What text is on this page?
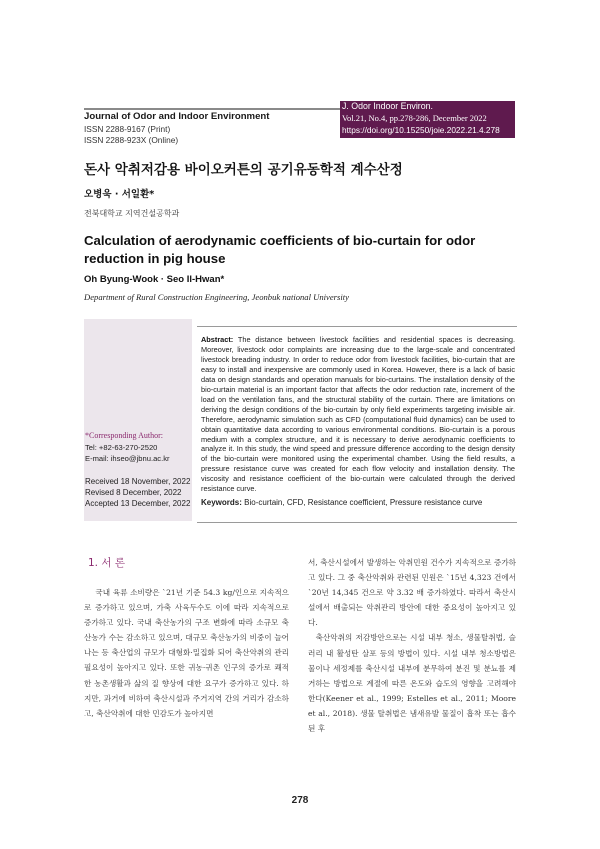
Journal of Odor and Indoor Environment
ISSN 2288-9167 (Print)
ISSN 2288-923X (Online)
J. Odor Indoor Environ.
Vol.21, No.4, pp.278-286, December 2022
https://doi.org/10.15250/joie.2022.21.4.278
돈사 악취저감용 바이오커튼의 공기유동학적 계수산정
오병욱 · 서일환*
전북대학교 지역건설공학과
Calculation of aerodynamic coefficients of bio-curtain for odor reduction in pig house
Oh Byung-Wook · Seo Il-Hwan*
Department of Rural Construction Engineering, Jeonbuk national University
*Corresponding Author:
Tel: +82-63-270-2520
E-mail: ihseo@jbnu.ac.kr
Received 18 November, 2022
Revised 8 December, 2022
Accepted 13 December, 2022
Abstract: The distance between livestock facilities and residential spaces is decreasing. Moreover, livestock odor complaints are increasing due to the large-scale and concentrated livestock breading industry. In order to reduce odor from livestock facilities, bio-curtain that are easy to install and inexpensive are commonly used in Korea. However, there is a lack of basic data on design standards and operation manuals for bio-curtains. The installation density of the bio-curtain material is an important factor that affects the odor reduction rate, increment of the load on the ventilation fans, and the structural stability of the curtain. There are limitations on deriving the design conditions of the bio-curtain by only field experiments targeting invisible air. Therefore, aerodynamic simulation such as CFD (computational fluid dynamics) can be used to obtain quantitative data according to various environmental conditions. Bio-curtain is a porous medium with a complex structure, and it is necessary to derive aerodynamic coefficients to analyze it. In this study, the wind speed and pressure difference according to the design density of the bio-curtain were monitored using the experimental chamber. Using the field results, a pressure resistance curve was created for each flow velocity and installation density. The viscosity and resistance coefficient of the bio-curtain were calculated through the derived resistance curve.
Keywords: Bio-curtain, CFD, Resistance coefficient, Pressure resistance curve
1. 서 론

국내 육류 소비량은 `21년 기준 54.3 kg/인으로 지속적으로 증가하고 있으며, 가축 사육두수도 이에 따라 지속적으로 증가하고 있다. 국내 축산농가의 구조 변화에 따라 소규모 축산농가 수는 감소하고 있으며, 대규모 축산농가의 비중이 늘어나는 등 축산업의 규모가 대형화·밀집화 되어 축산악취의 관리 필요성이 높아지고 있다. 또한 귀농·귀촌 인구의 증가로 쾌적한 농촌생활과 삶의 질 향상에 대한 요구가 증가하고 있다. 하지만, 과거에 비하여 축산시설과 주거지역 간의 거리가 감소하고, 축산악취에 대한 민감도가 높아지면

서, 축산시설에서 발생하는 악취민원 건수가 지속적으로 증가하고 있다. 그 중 축산악취와 관련된 민원은 `15년 4,323 건에서 `20년 14,345 건으로 약 3.32 배 증가하였다. 따라서 축산시설에서 배출되는 악취관리 방안에 대한 중요성이 높아지고 있다.

축산악취의 저감방안으로는 시설 내부 청소, 생물탈취법, 슬러리 내 활성탄 살포 등의 방법이 있다. 시설 내부 청소방법은 물이나 세정제를 축산시설 내부에 분무하여 분진 및 분뇨를 제거하는 방법으로 계절에 따른 온도와 습도의 영향을 고려해야 한다(Keener et al., 1999; Estelles et al., 2011; Moore et al., 2018). 생물 탈취법은 냄새유발 물질이 흡착 또는 흡수된 후

278
